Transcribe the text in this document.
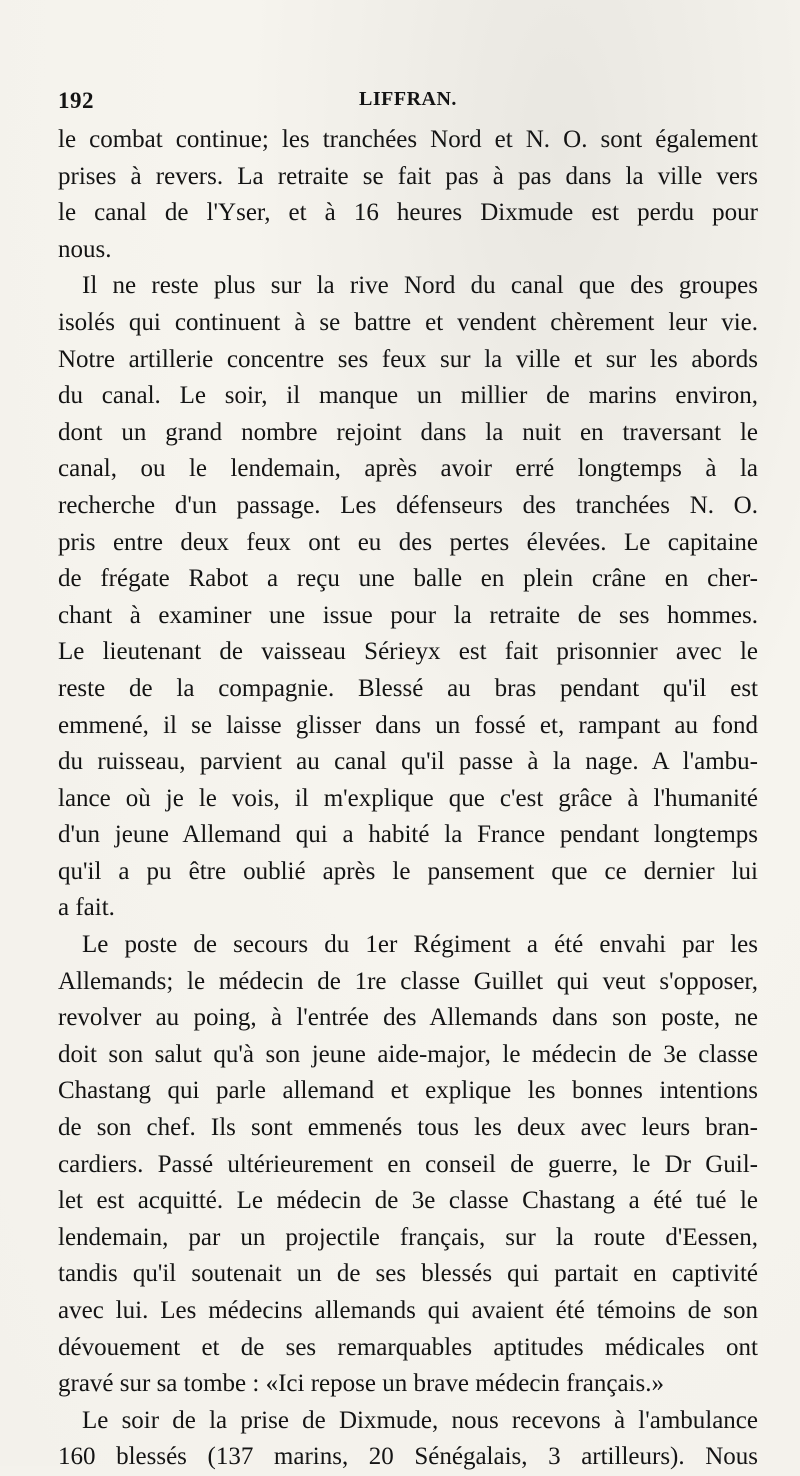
192	LIFFRAN.
le combat continue; les tranchées Nord et N. O. sont également
prises à revers. La retraite se fait pas à pas dans la ville vers
le canal de l'Yser, et à 16 heures Dixmude est perdu pour
nous.
Il ne reste plus sur la rive Nord du canal que des groupes
isolés qui continuent à se battre et vendent chèrement leur vie.
Notre artillerie concentre ses feux sur la ville et sur les abords
du canal. Le soir, il manque un millier de marins environ,
dont un grand nombre rejoint dans la nuit en traversant le
canal, ou le lendemain, après avoir erré longtemps à la
recherche d'un passage. Les défenseurs des tranchées N. O.
pris entre deux feux ont eu des pertes élevées. Le capitaine
de frégate Rabot a reçu une balle en plein crâne en cher-
chant à examiner une issue pour la retraite de ses hommes.
Le lieutenant de vaisseau Sérieyx est fait prisonnier avec le
reste de la compagnie. Blessé au bras pendant qu'il est
emmené, il se laisse glisser dans un fossé et, rampant au fond
du ruisseau, parvient au canal qu'il passe à la nage. A l'ambu-
lance où je le vois, il m'explique que c'est grâce à l'humanité
d'un jeune Allemand qui a habité la France pendant longtemps
qu'il a pu être oublié après le pansement que ce dernier lui
a fait.
Le poste de secours du 1er Régiment a été envahi par les
Allemands; le médecin de 1re classe Guillet qui veut s'opposer,
revolver au poing, à l'entrée des Allemands dans son poste, ne
doit son salut qu'à son jeune aide-major, le médecin de 3e classe
Chastang qui parle allemand et explique les bonnes intentions
de son chef. Ils sont emmenés tous les deux avec leurs bran-
cardiers. Passé ultérieurement en conseil de guerre, le Dr Guil-
let est acquitté. Le médecin de 3e classe Chastang a été tué le
lendemain, par un projectile français, sur la route d'Eessen,
tandis qu'il soutenait un de ses blessés qui partait en captivité
avec lui. Les médecins allemands qui avaient été témoins de son
dévouement et de ses remarquables aptitudes médicales ont
gravé sur sa tombe : «Ici repose un brave médecin français.»
Le soir de la prise de Dixmude, nous recevons à l'ambulance
160 blessés (137 marins, 20 Sénégalais, 3 artilleurs). Nous
